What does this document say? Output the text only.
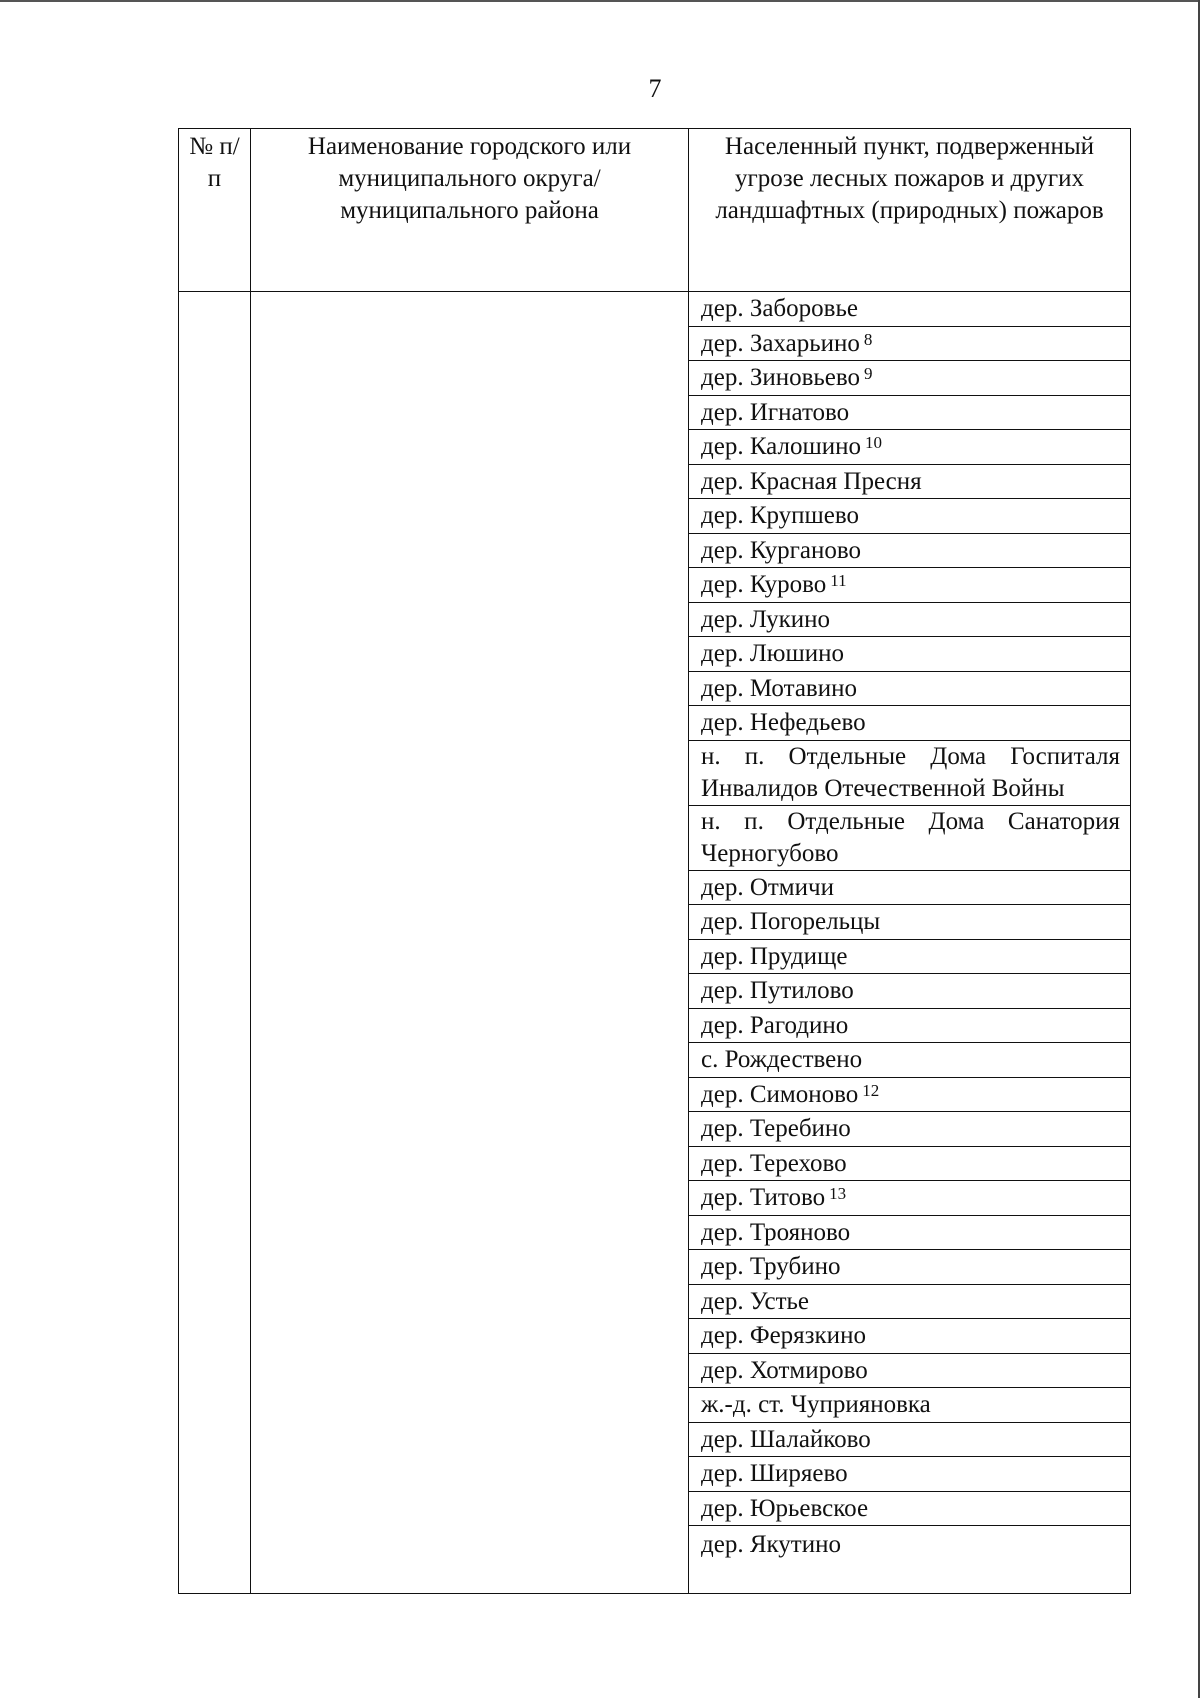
7
№ п/п	Наименование городского или муниципального округа/муниципального района	Населенный пункт, подверженный угрозе лесных пожаров и других ландшафтных (природных) пожаров
		дер. Заборовье
		дер. Захарьино $^8$
		дер. Зиновьево $^9$
		дер. Игнатово
		дер. Калошино $^{10}$
		дер. Красная Пресня
		дер. Крупшево
		дер. Курганово
		дер. Курово $^{11}$
		дер. Лукино
		дер. Люшино
		дер. Мотавино
		дер. Нефедьево
		н. п. Отдельные Дома Госпиталя Инвалидов Отечественной Войны
		н. п. Отдельные Дома Санатория Черногубово
		дер. Отмичи
		дер. Погорельцы
		дер. Прудище
		дер. Путилово
		дер. Рагодино
		с. Рождествено
		дер. Симоново $^{12}$
		дер. Теребино
		дер. Терехово
		дер. Титово $^{13}$
		дер. Трояново
		дер. Трубино
		дер. Устье
		дер. Ферязкино
		дер. Хотмирово
		ж.-д. ст. Чуприяновка
		дер. Шалайково
		дер. Ширяево
		дер. Юрьевское
		дер. Якутино
